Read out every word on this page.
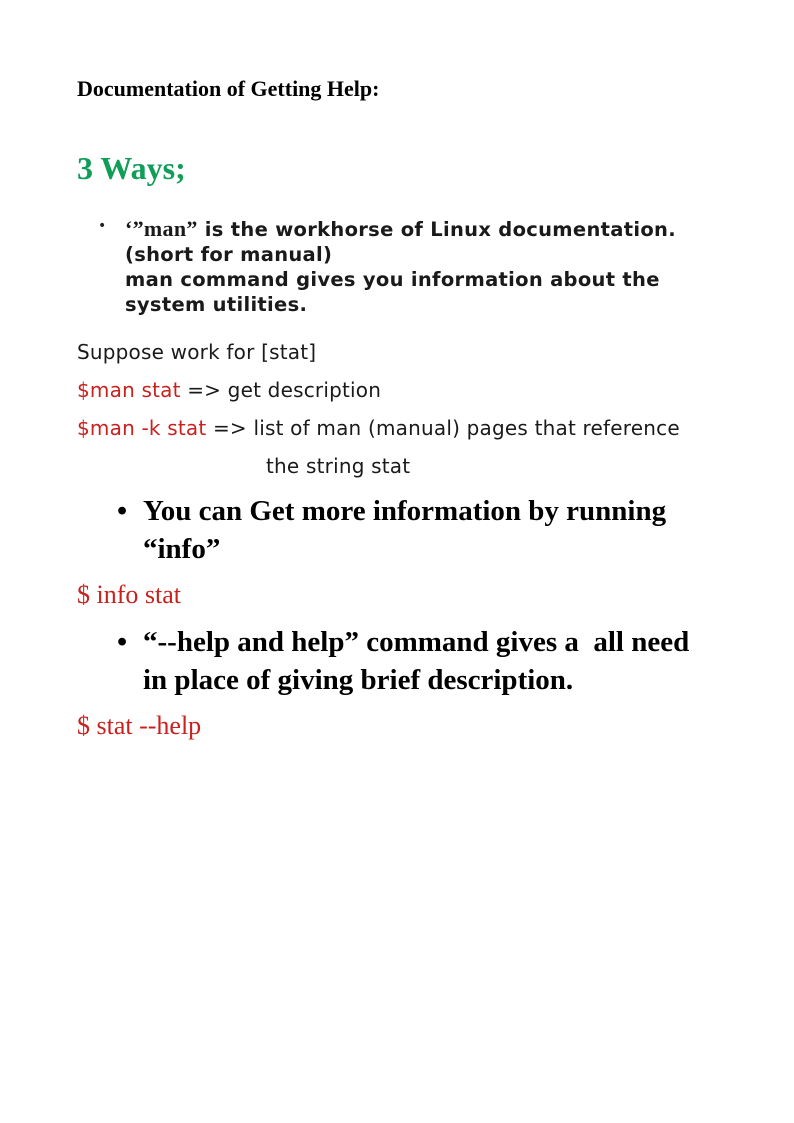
Documentation of Getting Help:
3 Ways;
• ‘”man” is the workhorse of Linux documentation.
(short for manual)
man command gives you information about the
system utilities.
Suppose work for [stat]
$man stat => get description
$man -k stat => list of man (manual) pages that reference
the string stat
• You can Get more information by running
“info”
$ info stat
• “--help and help” command gives a  all need
in place of giving brief description.
$ stat --help
